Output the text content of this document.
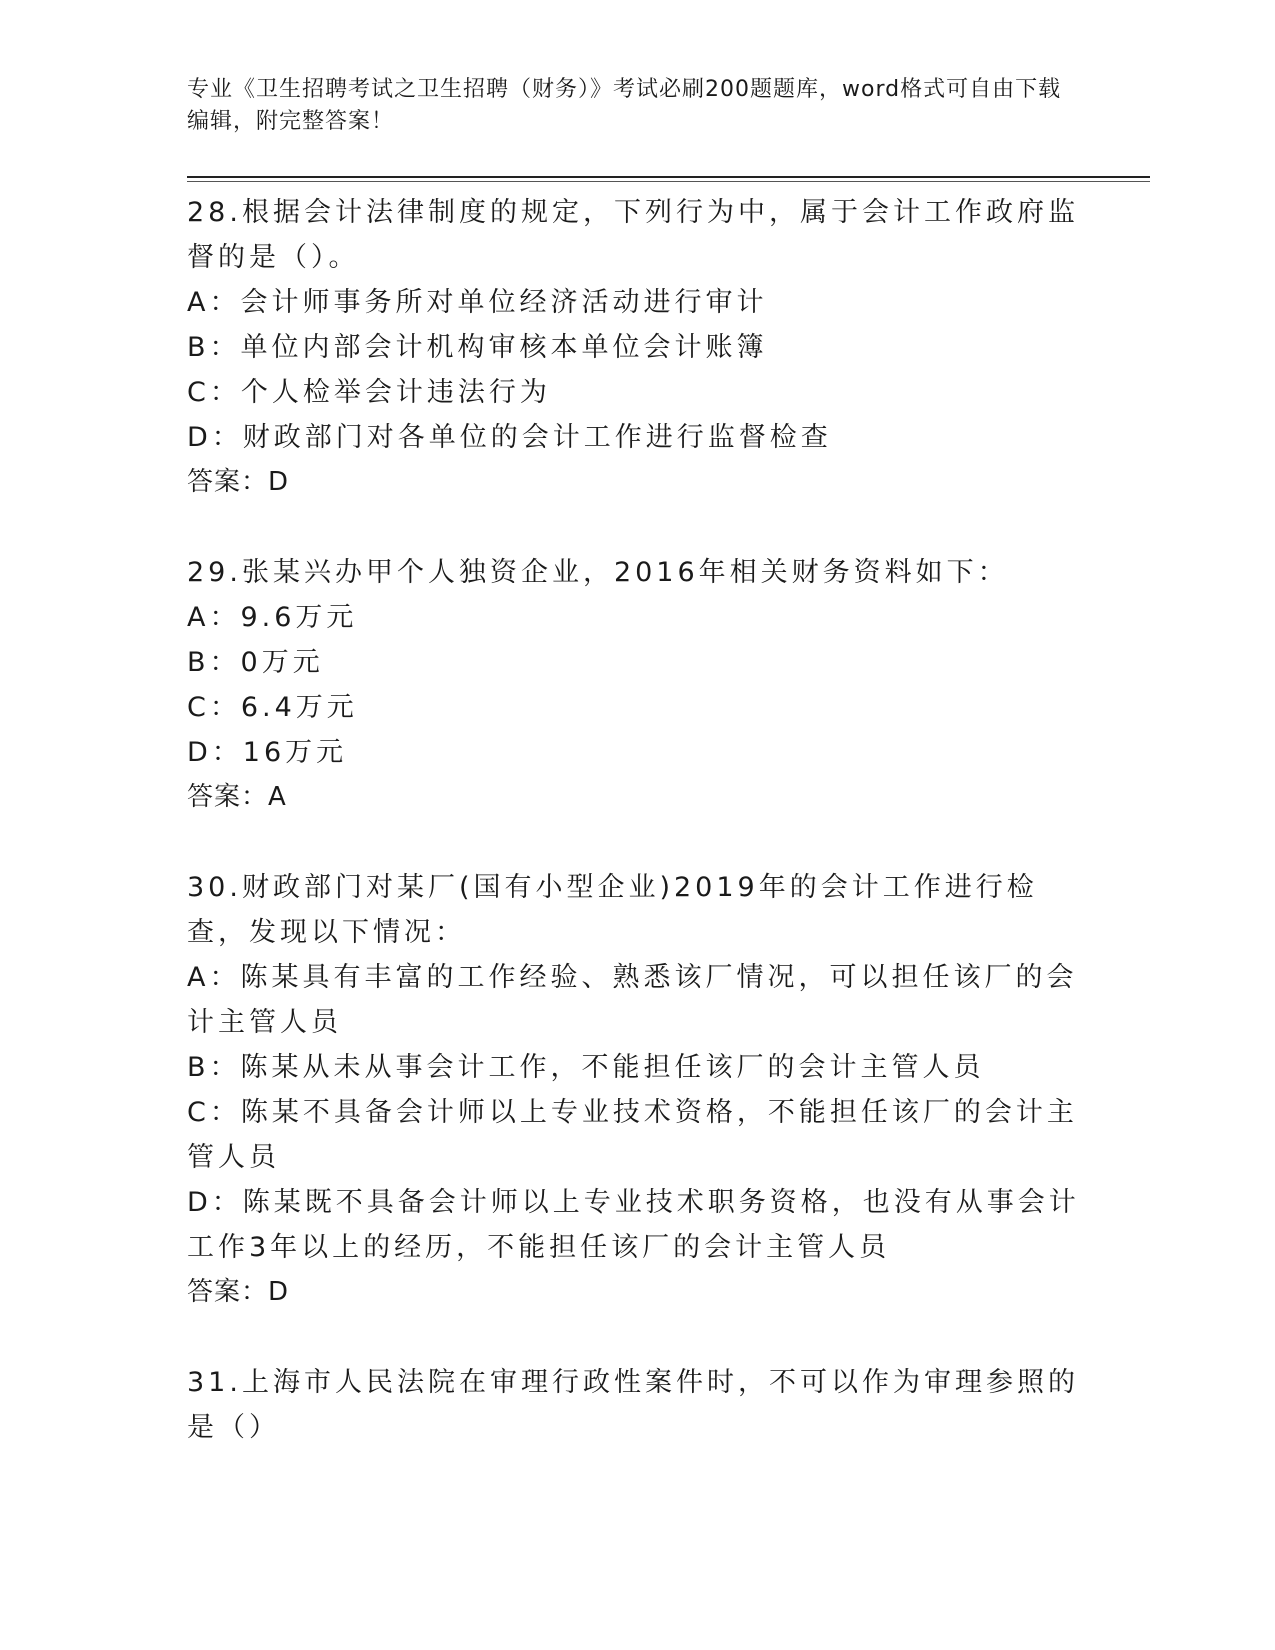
专业《卫生招聘考试之卫生招聘（财务）》考试必刷200题题库，word格式可自由下载编辑，附完整答案！

28.根据会计法律制度的规定，下列行为中，属于会计工作政府监督的是（）。

A：会计师事务所对单位经济活动进行审计

B：单位内部会计机构审核本单位会计账簿

C：个人检举会计违法行为

D：财政部门对各单位的会计工作进行监督检查

答案：D

29.张某兴办甲个人独资企业，2016年相关财务资料如下：

A：9.6万元

B：0万元

C：6.4万元

D：16万元

答案：A

30.财政部门对某厂(国有小型企业)2019年的会计工作进行检查，发现以下情况：

A：陈某具有丰富的工作经验、熟悉该厂情况，可以担任该厂的会计主管人员

B：陈某从未从事会计工作，不能担任该厂的会计主管人员

C：陈某不具备会计师以上专业技术资格，不能担任该厂的会计主管人员

D：陈某既不具备会计师以上专业技术职务资格，也没有从事会计工作3年以上的经历，不能担任该厂的会计主管人员

答案：D

31.上海市人民法院在审理行政性案件时，不可以作为审理参照的是（）
